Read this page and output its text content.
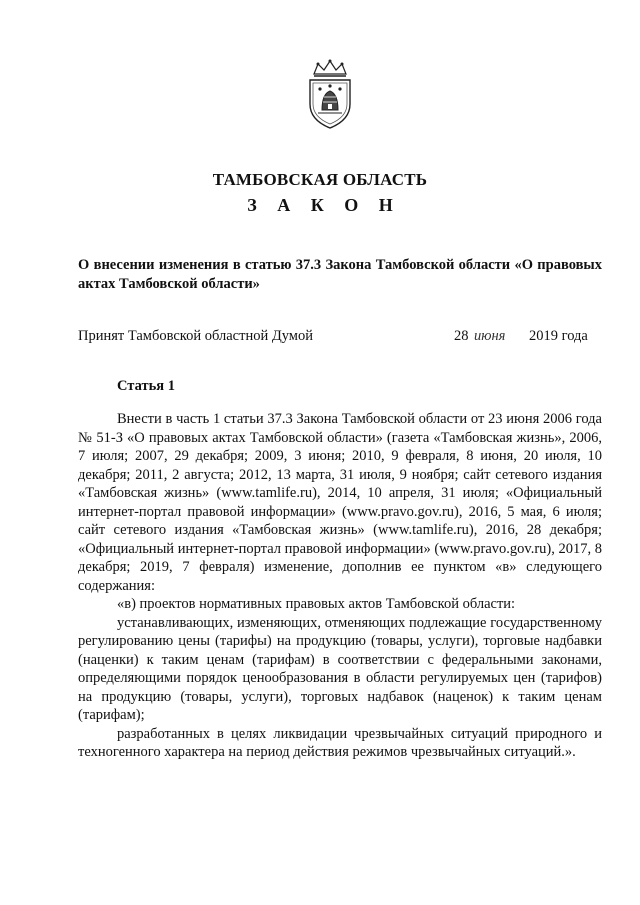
ТАМБОВСКАЯ ОБЛАСТЬ
З А К О Н
О внесении изменения в статью 37.3 Закона Тамбовской области «О правовых актах Тамбовской области»
Принят Тамбовской областной Думой	28 июня 2019 года
Статья 1

Внести в часть 1 статьи 37.3 Закона Тамбовской области от 23 июня 2006 года № 51-З «О правовых актах Тамбовской области» (газета «Тамбовская жизнь», 2006, 7 июля; 2007, 29 декабря; 2009, 3 июня; 2010, 9 февраля, 8 июня, 20 июля, 10 декабря; 2011, 2 августа; 2012, 13 марта, 31 июля, 9 ноября; сайт сетевого издания «Тамбовская жизнь» (www.tamlife.ru), 2014, 10 апреля, 31 июля; «Официальный интернет-портал правовой информации» (www.pravo.gov.ru), 2016, 5 мая, 6 июля; сайт сетевого издания «Тамбовская жизнь» (www.tamlife.ru), 2016, 28 декабря; «Официальный интернет-портал правовой информации» (www.pravo.gov.ru), 2017, 8 декабря; 2019, 7 февраля) изменение, дополнив ее пунктом «в» следующего содержания:

«в) проектов нормативных правовых актов Тамбовской области:

устанавливающих, изменяющих, отменяющих подлежащие государственному регулированию цены (тарифы) на продукцию (товары, услуги), торговые надбавки (наценки) к таким ценам (тарифам) в соответствии с федеральными законами, определяющими порядок ценообразования в области регулируемых цен (тарифов) на продукцию (товары, услуги), торговых надбавок (наценок) к таким ценам (тарифам);

разработанных в целях ликвидации чрезвычайных ситуаций природного и техногенного характера на период действия режимов чрезвычайных ситуаций.».
